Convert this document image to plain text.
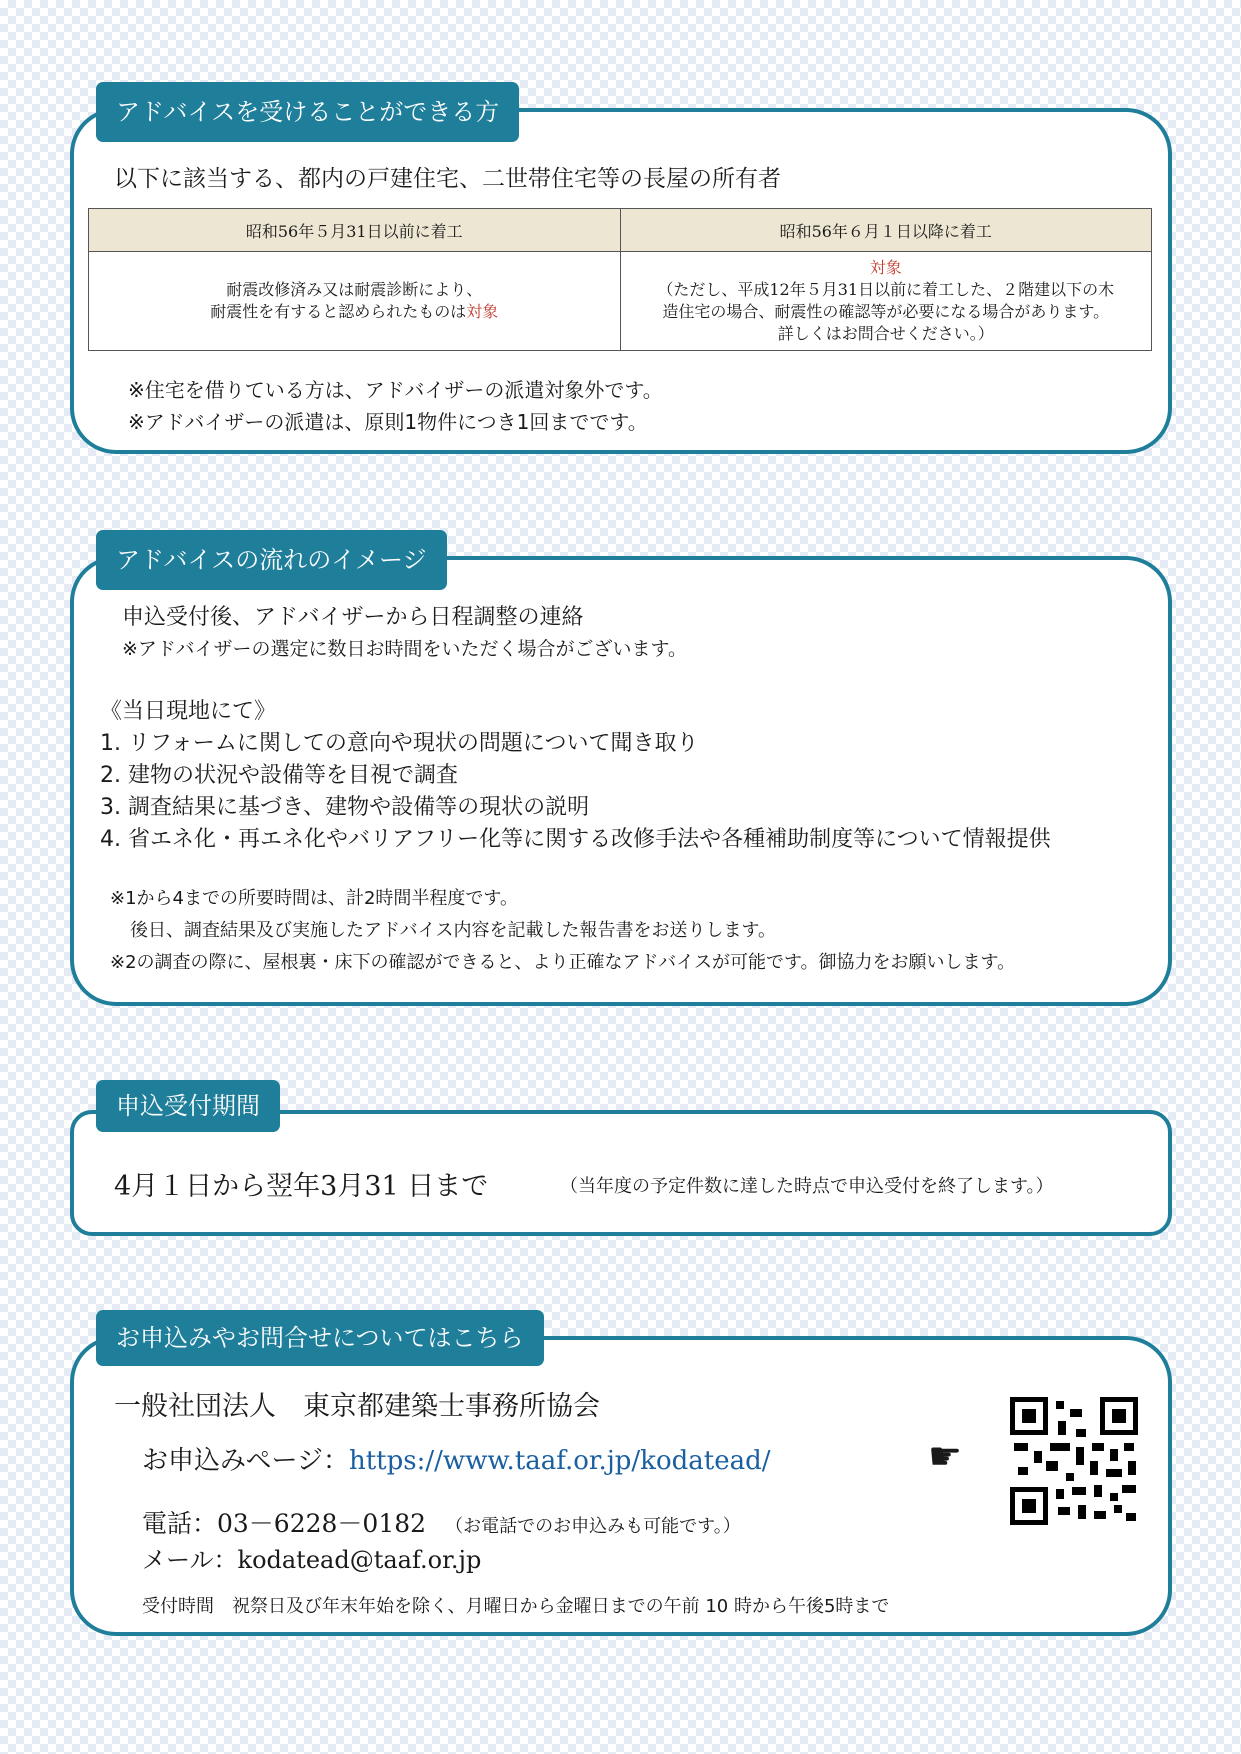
アドバイスを受けることができる方
以下に該当する、都内の戸建住宅、二世帯住宅等の長屋の所有者
昭和56年５月31日以前に着工	昭和56年６月１日以降に着工
耐震改修済み又は耐震診断により、
耐震性を有すると認められたものは対象	対象
（ただし、平成12年５月31日以前に着工した、２階建以下の木
造住宅の場合、耐震性の確認等が必要になる場合があります。
詳しくはお問合せください。）
※住宅を借りている方は、アドバイザーの派遣対象外です。
※アドバイザーの派遣は、原則1物件につき1回までです。
アドバイスの流れのイメージ
申込受付後、アドバイザーから日程調整の連絡
※アドバイザーの選定に数日お時間をいただく場合がございます。
《当日現地にて》
1. リフォームに関しての意向や現状の問題について聞き取り
2. 建物の状況や設備等を目視で調査
3. 調査結果に基づき、建物や設備等の現状の説明
4. 省エネ化・再エネ化やバリアフリー化等に関する改修手法や各種補助制度等について情報提供
※1から4までの所要時間は、計2時間半程度です。
後日、調査結果及び実施したアドバイス内容を記載した報告書をお送りします。
※2の調査の際に、屋根裏・床下の確認ができると、より正確なアドバイスが可能です。御協力をお願いします。
申込受付期間
4月１日から翌年3月31 日まで	（当年度の予定件数に達した時点で申込受付を終了します。）
お申込みやお問合せについてはこちら
一般社団法人　東京都建築士事務所協会
お申込みページ：https://www.taaf.or.jp/kodatead/	☛
電話：03－6228－0182 （お電話でのお申込みも可能です。）
メール：kodatead@taaf.or.jp
受付時間　祝祭日及び年末年始を除く、月曜日から金曜日までの午前 10 時から午後5時まで
